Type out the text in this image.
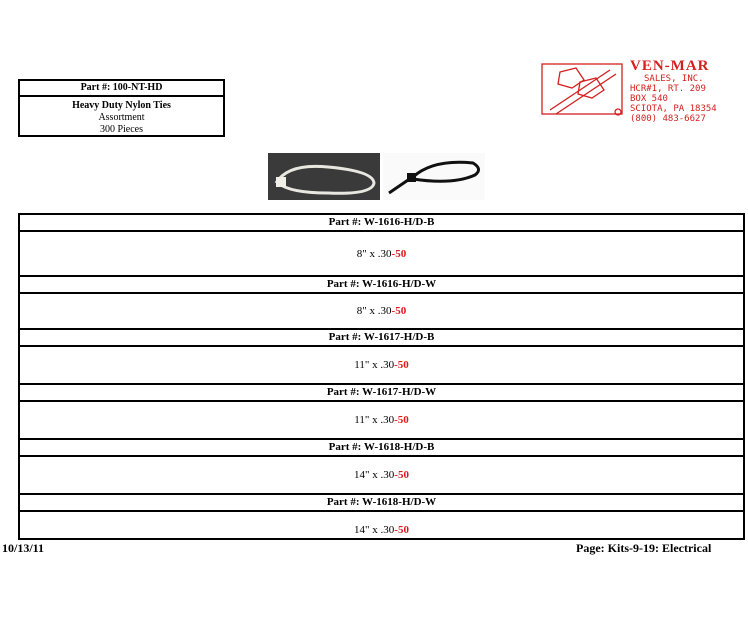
Part #: 100-NT-HD
Heavy Duty Nylon Ties
Assortment
300 Pieces
VEN-MAR
SALES, INC.
HCR#1, RT. 209
BOX 540
SCIOTA, PA 18354
(800) 483-6627
Part #: W-1616-H/D-B
8" x .30 -50
Part #: W-1616-H/D-W
8" x .30 -50
Part #: W-1617-H/D-B
11" x .30 -50
Part #: W-1617-H/D-W
11" x .30 -50
Part #: W-1618-H/D-B
14" x .30 -50
Part #: W-1618-H/D-W
14" x .30 -50
10/13/11	Page: Kits-9-19: Electrical
